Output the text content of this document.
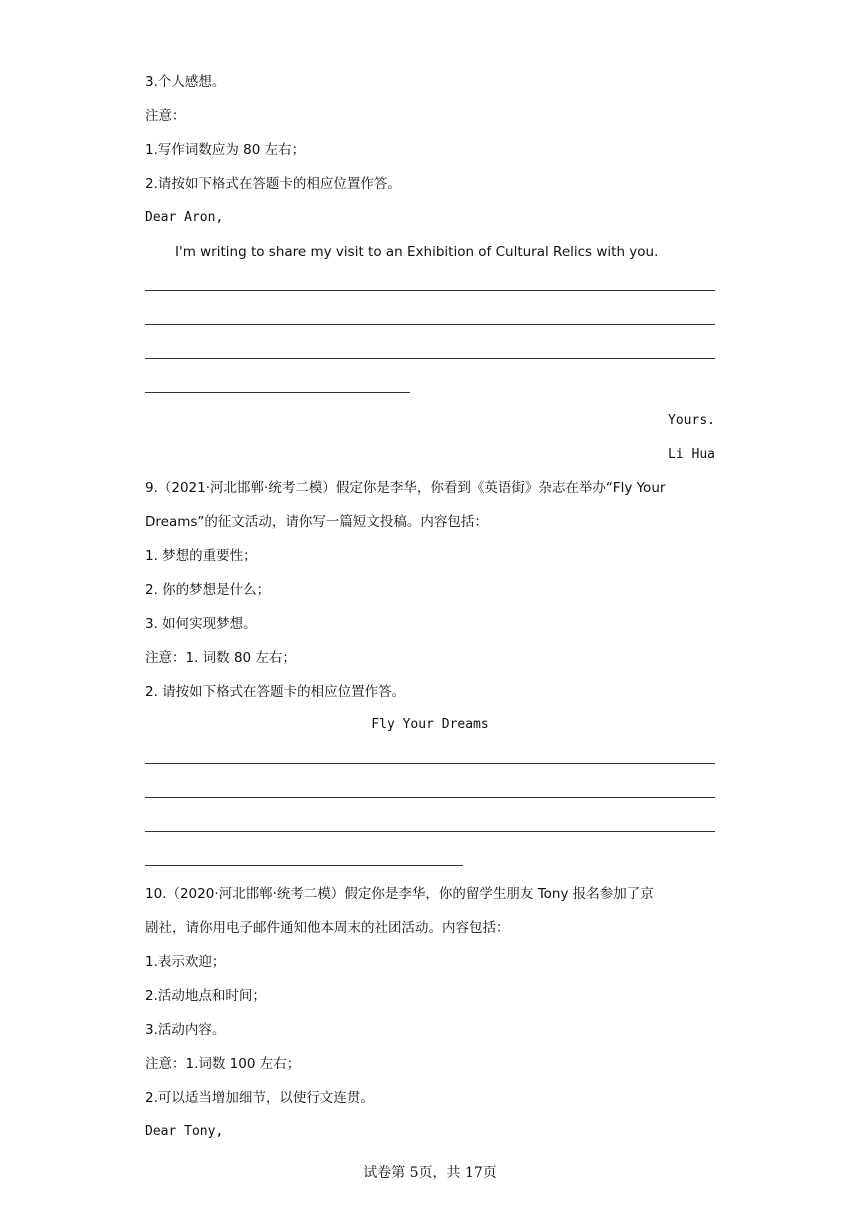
3.个人感想。
注意：
1.写作词数应为 80 左右；
2.请按如下格式在答题卡的相应位置作答。
Dear Aron,
I'm writing to share my visit to an Exhibition of Cultural Relics with you.
Yours.
Li Hua
9.（2021·河北邯郸·统考二模）假定你是李华，你看到《英语街》杂志在举办“Fly Your
Dreams”的征文活动，请你写一篇短文投稿。内容包括：
1. 梦想的重要性；
2. 你的梦想是什么；
3. 如何实现梦想。
注意：1. 词数 80 左右；
2. 请按如下格式在答题卡的相应位置作答。
Fly Your Dreams
10.（2020·河北邯郸·统考二模）假定你是李华，你的留学生朋友 Tony 报名参加了京
剧社，请你用电子邮件通知他本周末的社团活动。内容包括：
1.表示欢迎；
2.活动地点和时间；
3.活动内容。
注意：1.词数 100 左右；
2.可以适当增加细节，以使行文连贯。
Dear Tony,
试卷第 5页，共 17页
